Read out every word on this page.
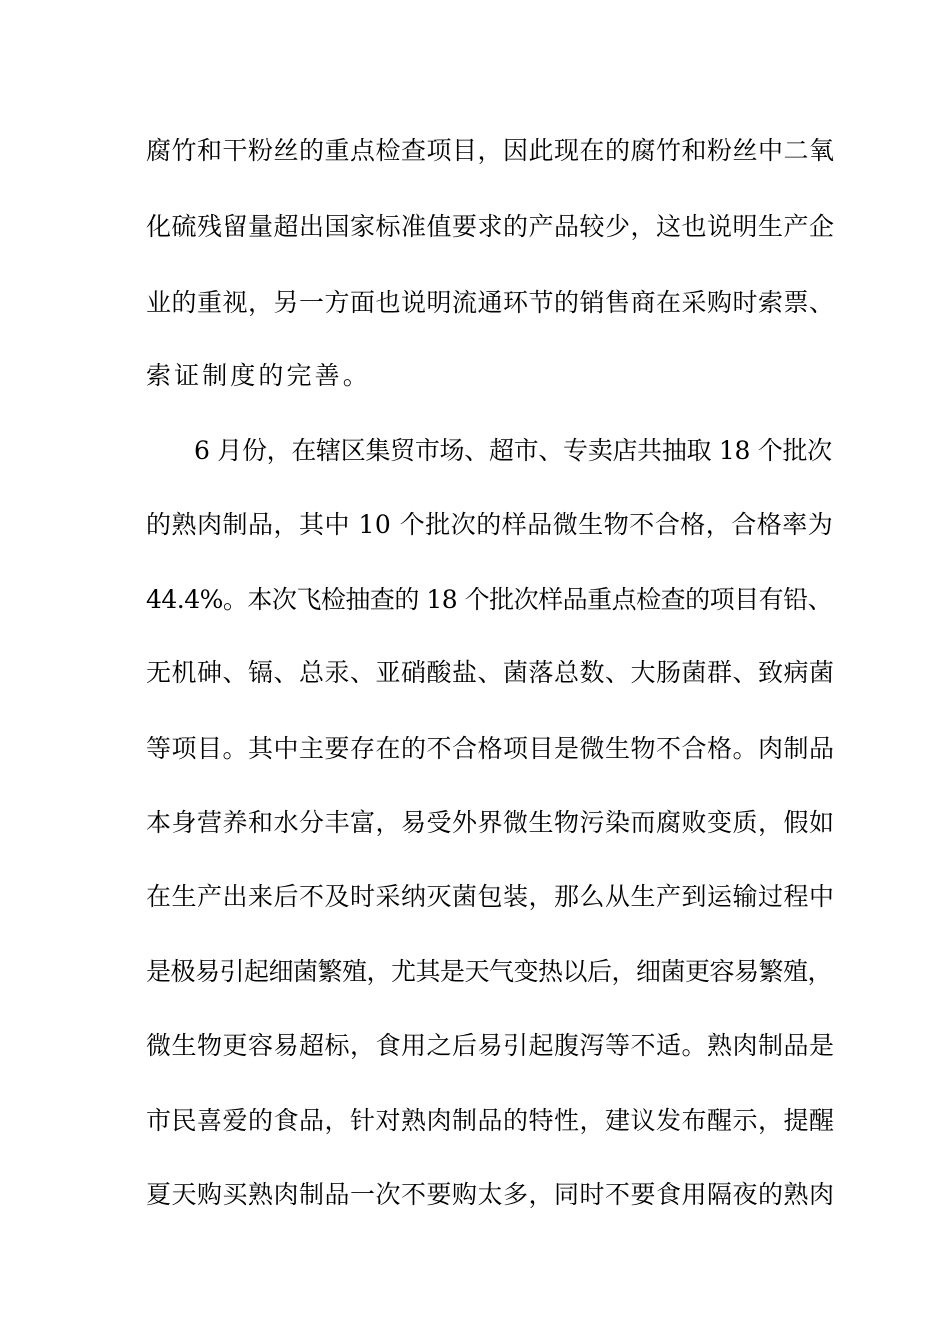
腐竹和干粉丝的重点检查项目，因此现在的腐竹和粉丝中二氧
化硫残留量超出国家标准值要求的产品较少，这也说明生产企
业的重视，另一方面也说明流通环节的销售商在采购时索票、
索证制度的完善。
6 月份，在辖区集贸市场、超市、专卖店共抽取 18 个批次
的熟肉制品，其中 10 个批次的样品微生物不合格，合格率为
44.4%。本次飞检抽查的 18 个批次样品重点检查的项目有铅、
无机砷、镉、总汞、亚硝酸盐、菌落总数、大肠菌群、致病菌
等项目。其中主要存在的不合格项目是微生物不合格。肉制品
本身营养和水分丰富，易受外界微生物污染而腐败变质，假如
在生产出来后不及时采纳灭菌包装，那么从生产到运输过程中
是极易引起细菌繁殖，尤其是天气变热以后，细菌更容易繁殖，
微生物更容易超标，食用之后易引起腹泻等不适。熟肉制品是
市民喜爱的食品，针对熟肉制品的特性，建议发布醒示，提醒
夏天购买熟肉制品一次不要购太多，同时不要食用隔夜的熟肉
